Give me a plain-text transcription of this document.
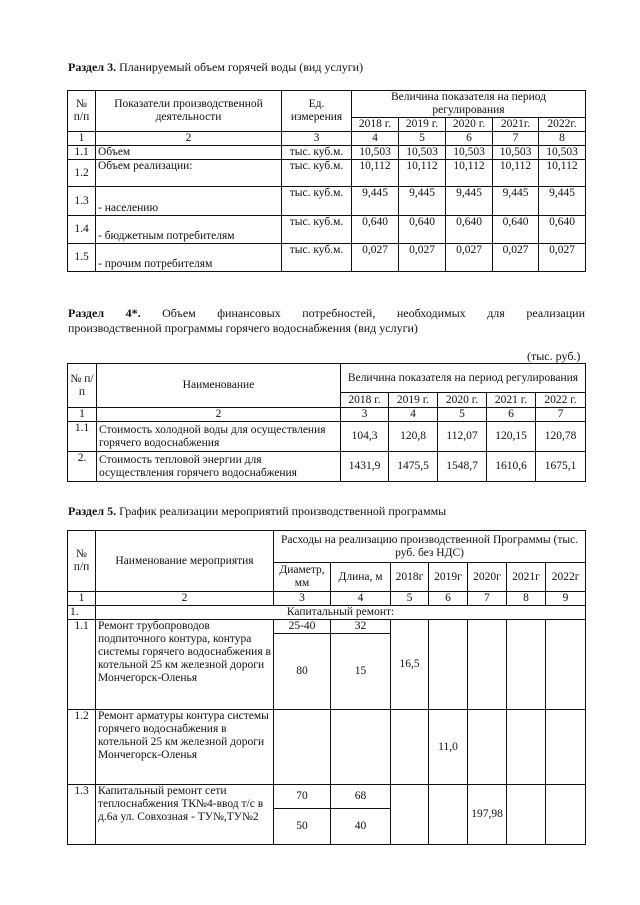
Раздел 3. Планируемый объем горячей воды (вид услуги)
№ п/п	Показатели производственной деятельности	Ед. измерения	Величина показателя на период регулирования				
			2018 г.	2019 г.	2020 г.	2021г.	2022г.
1	2	3	4	5	6	7	8
1.1	Объем	тыс. куб.м.	10,503	10,503	10,503	10,503	10,503
1.2	Объем реализации:	тыс. куб.м.	10,112	10,112	10,112	10,112	10,112
1.3	- населению	тыс. куб.м.	9,445	9,445	9,445	9,445	9,445
1.4	- бюджетным потребителям	тыс. куб.м.	0,640	0,640	0,640	0,640	0,640
1.5	- прочим потребителям	тыс. куб.м.	0,027	0,027	0,027	0,027	0,027
Раздел 4*. Объем финансовых потребностей, необходимых для реализации
производственной программы горячего водоснабжения (вид услуги)
(тыс. руб.)
№ п/п	Наименование	Величина показателя на период регулирования				
		2018 г.	2019 г.	2020 г.	2021 г.	2022 г.
1	2	3	4	5	6	7
1.1	Стоимость холодной воды для осуществления горячего водоснабжения	104,3	120,8	112,07	120,15	120,78
2.	Стоимость тепловой энергии для осуществления горячего водоснабжения	1431,9	1475,5	1548,7	1610,6	1675,1
Раздел 5. График реализации мероприятий производственной программы
№ п/п	Наименование мероприятия	Расходы на реализацию производственной Программы (тыс. руб. без НДС)						
		Диаметр, мм	Длина, м	2018г	2019г	2020г	2021г	2022г
1	2	3	4	5	6	7	8	9
1.	Капитальный ремонт:							
1.1	Ремонт трубопроводов подпиточного контура, контура системы горячего водоснабжения в котельной 25 км железной дороги Мончегорск-Оленья	25-40	32	16,5				
		80	15					
1.2	Ремонт арматуры контура системы горячего водоснабжения в котельной 25 км железной дороги Мончегорск-Оленья				11,0			
1.3	Капитальный ремонт сети теплоснабжения ТК№4-ввод т/с в д.6а ул. Совхозная - ТУ№,ТУ№2	70	68			197,98		
		50	40					
